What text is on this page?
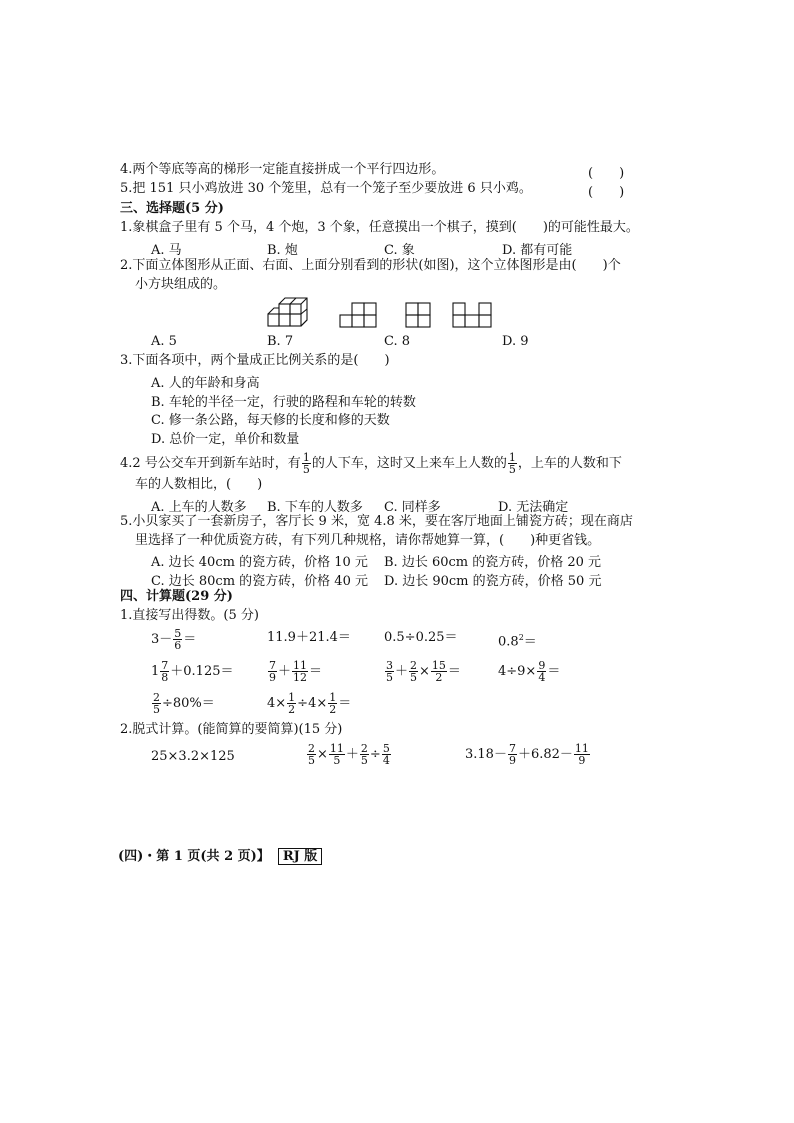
4.两个等底等高的梯形一定能直接拼成一个平行四边形。	(　　)
5.把 151 只小鸡放进 30 个笼里，总有一个笼子至少要放进 6 只小鸡。	(　　)
三、选择题(5 分)
1.象棋盒子里有 5 个马，4 个炮，3 个象，任意摸出一个棋子，摸到(　　)的可能性最大。
A. 马	B. 炮	C. 象	D. 都有可能
2.下面立体图形从正面、右面、上面分别看到的形状(如图)，这个立体图形是由(　　)个
小方块组成的。
A. 5	B. 7	C. 8	D. 9
3.下面各项中，两个量成正比例关系的是(　　)
A. 人的年龄和身高
B. 车轮的半径一定，行驶的路程和车轮的转数
C. 修一条公路，每天修的长度和修的天数
D. 总价一定，单价和数量
4.2 号公交车开到新车站时，有 $\frac{1}{5}$ 的人下车，这时又上来车上人数的 $\frac{1}{5}$ ，上车的人数和下
车的人数相比，(　　)
A. 上车的人数多 B. 下车的人数多 C. 同样多	D. 无法确定
5.小贝家买了一套新房子，客厅长 9 米，宽 4.8 米，要在客厅地面上铺瓷方砖；现在商店
里选择了一种优质瓷方砖，有下列几种规格，请你帮她算一算，(　　)种更省钱。
A. 边长 40cm 的瓷方砖，价格 10 元 B. 边长 60cm 的瓷方砖，价格 20 元
C. 边长 80cm 的瓷方砖，价格 40 元 D. 边长 90cm 的瓷方砖，价格 50 元
四、计算题(29 分)
1.直接写出得数。(5 分)
$3- \frac{5}{6}$ ＝	11.9＋21.4＝	0.5÷0.25＝	$0.8^2=$
$1 \frac{7}{8} +0.125=$	$\frac{7}{9} + \frac{11}{12}$ ＝	$\frac{3}{5} + \frac{2}{5} \times \frac{15}{2}$ ＝	$4\div 9\times \frac{9}{4}$ ＝
$\frac{2}{5} \div 80\%=$	$4\times \frac{1}{2} \div 4\times \frac{1}{2}$ ＝
2.脱式计算。(能简算的要简算)(15 分)
25×3.2×125	$\frac{2}{5} \times \frac{11}{5} + \frac{2}{5} \div \frac{5}{4}$	$3.18- \frac{7}{9} +6.82- \frac{11}{9}$
(四)・第 1 页(共 2 页)】 RJ 版
